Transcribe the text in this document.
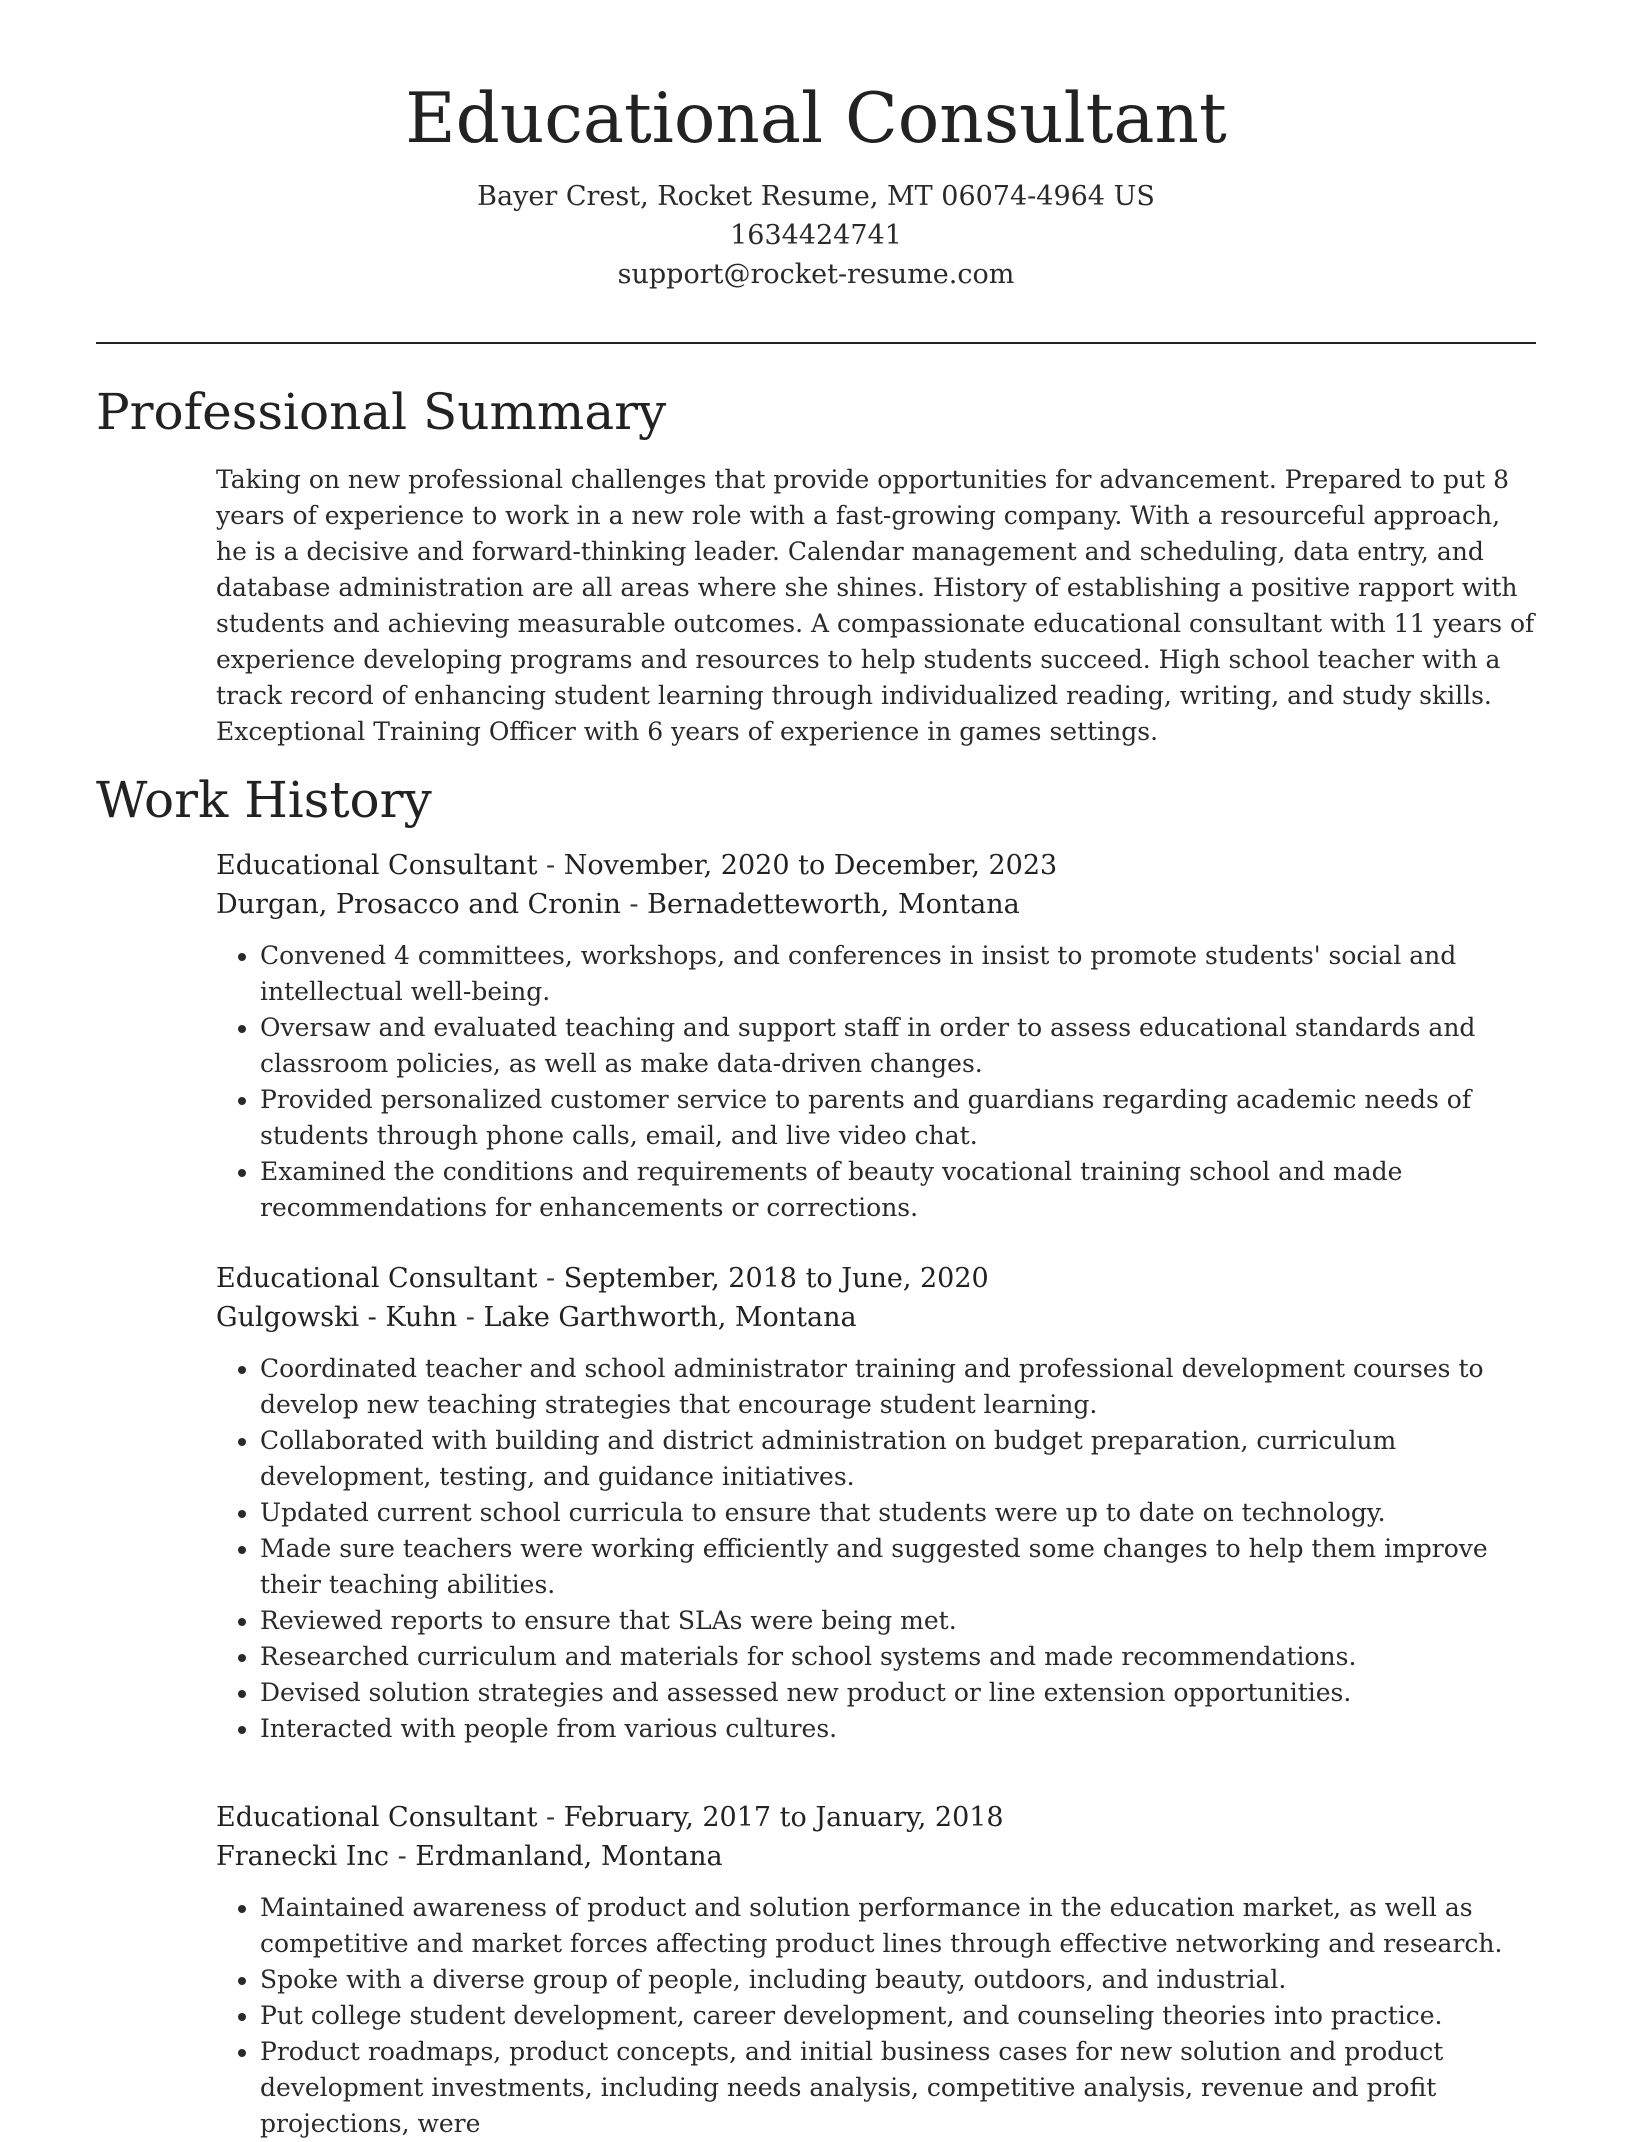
Educational Consultant
Bayer Crest, Rocket Resume, MT 06074-4964 US
1634424741
support@rocket-resume.com
Professional Summary

Taking on new professional challenges that provide opportunities for advancement. Prepared to put 8 years of experience to work in a new role with a fast-growing company. With a resourceful approach, he is a decisive and forward-thinking leader. Calendar management and scheduling, data entry, and database administration are all areas where she shines. History of establishing a positive rapport with students and achieving measurable outcomes. A compassionate educational consultant with 11 years of experience developing programs and resources to help students succeed. High school teacher with a track record of enhancing student learning through individualized reading, writing, and study skills. Exceptional Training Officer with 6 years of experience in games settings.

Work History
Educational Consultant - November, 2020 to December, 2023
Durgan, Prosacco and Cronin - Bernadetteworth, Montana
• Convened 4 committees, workshops, and conferences in insist to promote students' social and intellectual well-being.
• Oversaw and evaluated teaching and support staff in order to assess educational standards and classroom policies, as well as make data-driven changes.
• Provided personalized customer service to parents and guardians regarding academic needs of students through phone calls, email, and live video chat.
• Examined the conditions and requirements of beauty vocational training school and made recommendations for enhancements or corrections.
Educational Consultant - September, 2018 to June, 2020
Gulgowski - Kuhn - Lake Garthworth, Montana
• Coordinated teacher and school administrator training and professional development courses to develop new teaching strategies that encourage student learning.
• Collaborated with building and district administration on budget preparation, curriculum development, testing, and guidance initiatives.
• Updated current school curricula to ensure that students were up to date on technology.
• Made sure teachers were working efficiently and suggested some changes to help them improve their teaching abilities.
• Reviewed reports to ensure that SLAs were being met.
• Researched curriculum and materials for school systems and made recommendations.
• Devised solution strategies and assessed new product or line extension opportunities.
• Interacted with people from various cultures.
Educational Consultant - February, 2017 to January, 2018
Franecki Inc - Erdmanland, Montana
• Maintained awareness of product and solution performance in the education market, as well as competitive and market forces affecting product lines through effective networking and research.
• Spoke with a diverse group of people, including beauty, outdoors, and industrial.
• Put college student development, career development, and counseling theories into practice.
• Product roadmaps, product concepts, and initial business cases for new solution and product development investments, including needs analysis, competitive analysis, revenue and profit projections, were
